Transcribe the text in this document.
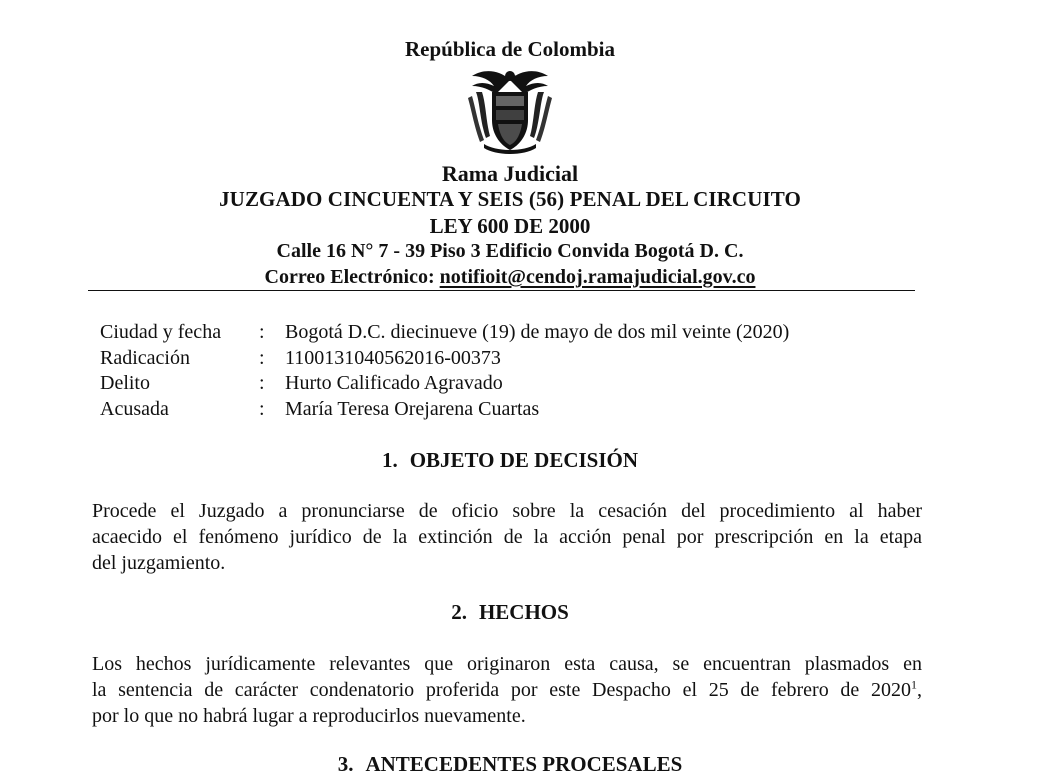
República de Colombia
Rama Judicial
JUZGADO CINCUENTA Y SEIS (56) PENAL DEL CIRCUITO
LEY 600 DE 2000
Calle 16 N° 7 - 39 Piso 3 Edificio Convida Bogotá D. C.
Correo Electrónico: notifioit@cendoj.ramajudicial.gov.co
Ciudad y fecha	: Bogotá D.C. diecinueve (19) de mayo de dos mil veinte (2020)
Radicación	: 110013104056201​6-00373
Delito	: Hurto Calificado Agravado
Acusada	: María Teresa Orejarena Cuartas
1. OBJETO DE DECISIÓN
Procede el Juzgado a pronunciarse de oficio sobre la cesación del procedimiento al haber
acaecido el fenómeno jurídico de la extinción de la acción penal por prescripción en la etapa
del juzgamiento.
2. HECHOS
Los hechos jurídicamente relevantes que originaron esta causa, se encuentran plasmados en
la sentencia de carácter condenatorio proferida por este Despacho el 25 de febrero de 2020$^1$,
por lo que no habrá lugar a reproducirlos nuevamente.
3. ANTECEDENTES PROCESALES
